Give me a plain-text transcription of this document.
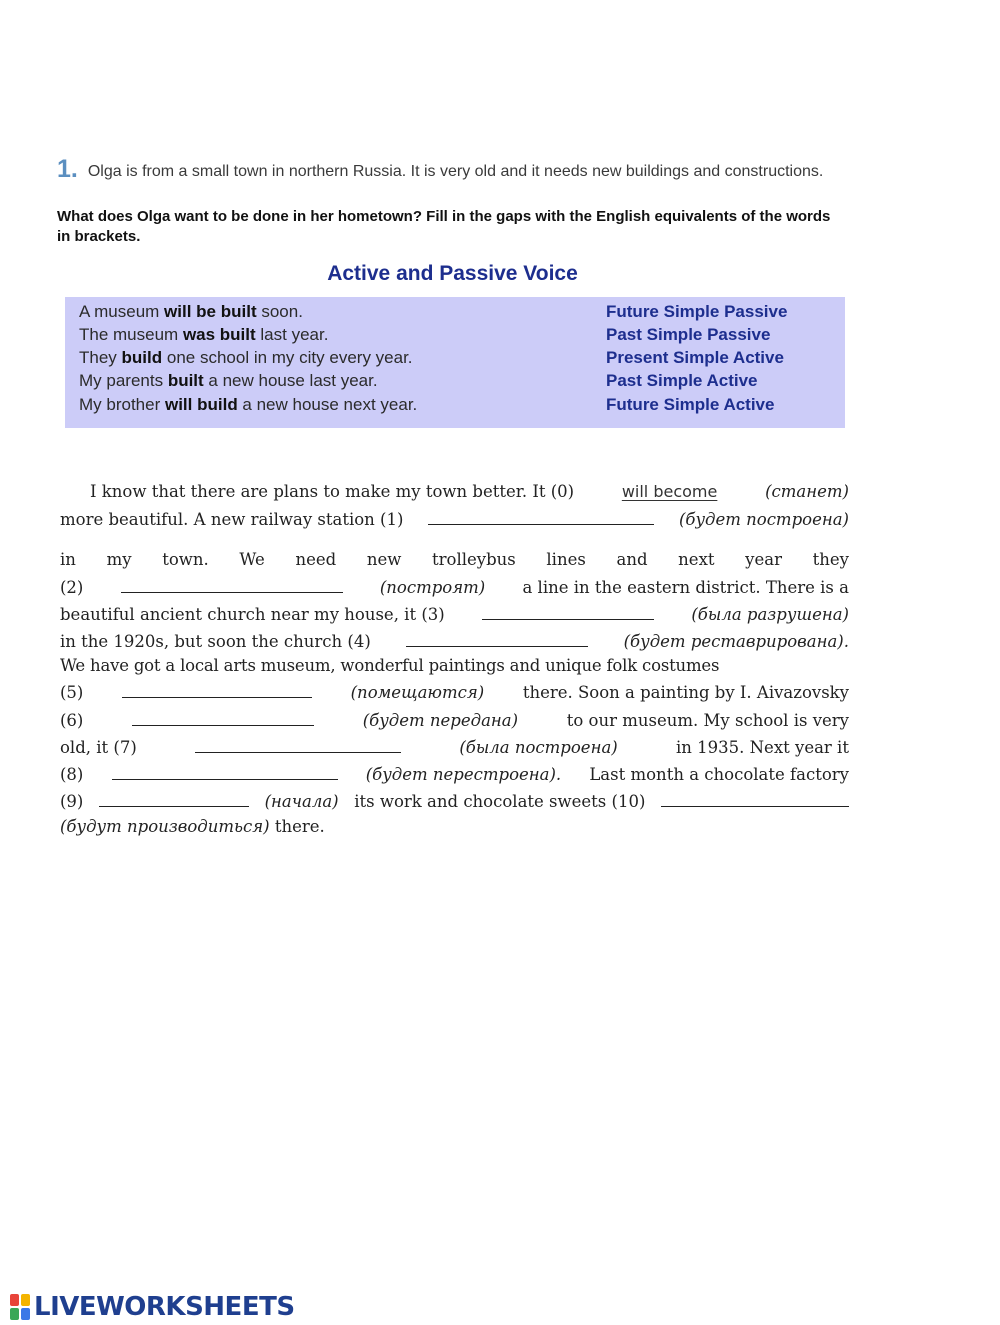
1. Olga is from a small town in northern Russia. It is very old and it needs new buildings and constructions.
What does Olga want to be done in her hometown? Fill in the gaps with the English equivalents of the words in brackets.
Active and Passive Voice
A museum will be built soon.	Future Simple Passive
The museum was built last year.	Past Simple Passive
They build one school in my city every year.	Present Simple Active
My parents built a new house last year.	Past Simple Active
My brother will build a new house next year.	Future Simple Active
I know that there are plans to make my town better. It (0)	will become	(станет)
more beautiful. A new railway station (1)	(будет построена)
in my town. We need new trolleybus lines and next year they
(2)	(построят) a line in the eastern district. There is a
beautiful ancient church near my house, it (3)	(была разрушена)
in the 1920s, but soon the church (4)	(будет реставрирована).
We have got a local arts museum, wonderful paintings and unique folk costumes
(5)	(помещаются) there. Soon a painting by I. Aivazovsky
(6)	(будет передана)	to our museum. My school is very
old, it (7)	(была построена)	in 1935. Next year it
(8)	(будет перестроена). Last month a chocolate factory
(9)	(начала) its work and chocolate sweets (10)
(будут производиться) there.
LIVEWORKSHEETS
